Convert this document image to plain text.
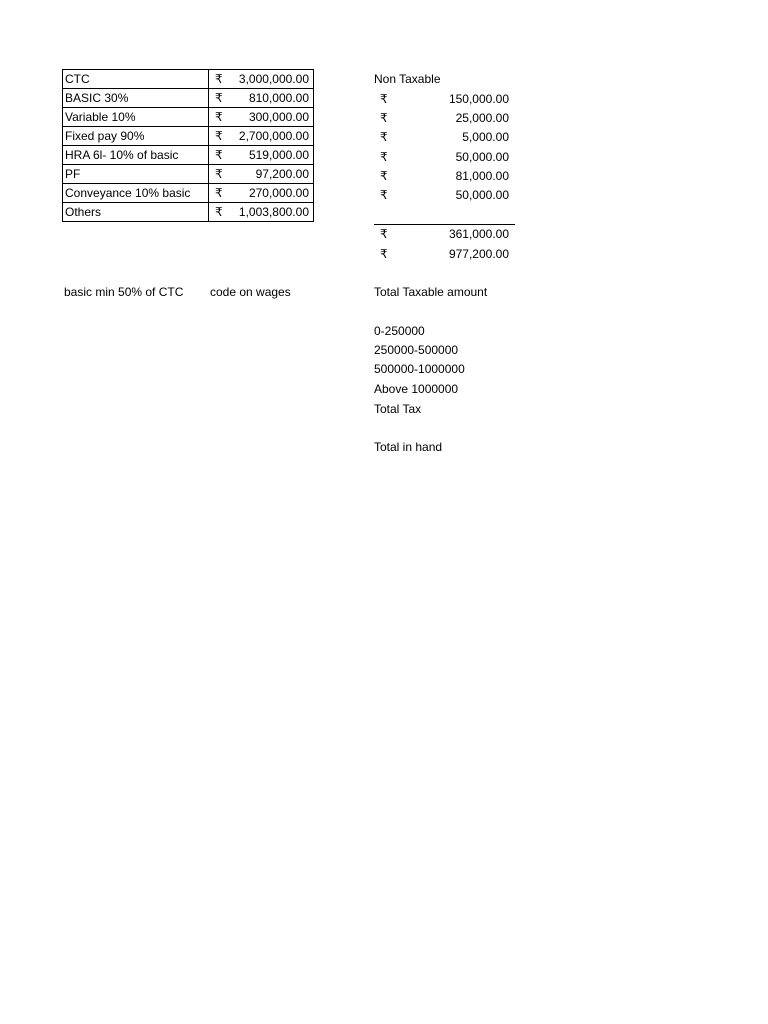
CTC	₹ 3,000,000.00
BASIC 30%	₹ 810,000.00
Variable 10%	₹ 300,000.00
Fixed pay 90%	₹ 2,700,000.00
HRA 6l- 10% of basic	₹ 519,000.00
PF	₹ 97,200.00
Conveyance 10% basic	₹ 270,000.00
Others	₹ 1,003,800.00
Non Taxable
₹	150,000.00
₹	25,000.00
₹	5,000.00
₹	50,000.00
₹	81,000.00
₹	50,000.00
₹	361,000.00
₹	977,200.00
basic min 50% of CTC code on wages	Total Taxable amount
0-250000
250000-500000
500000-1000000
Above 1000000
Total Tax
Total in hand
